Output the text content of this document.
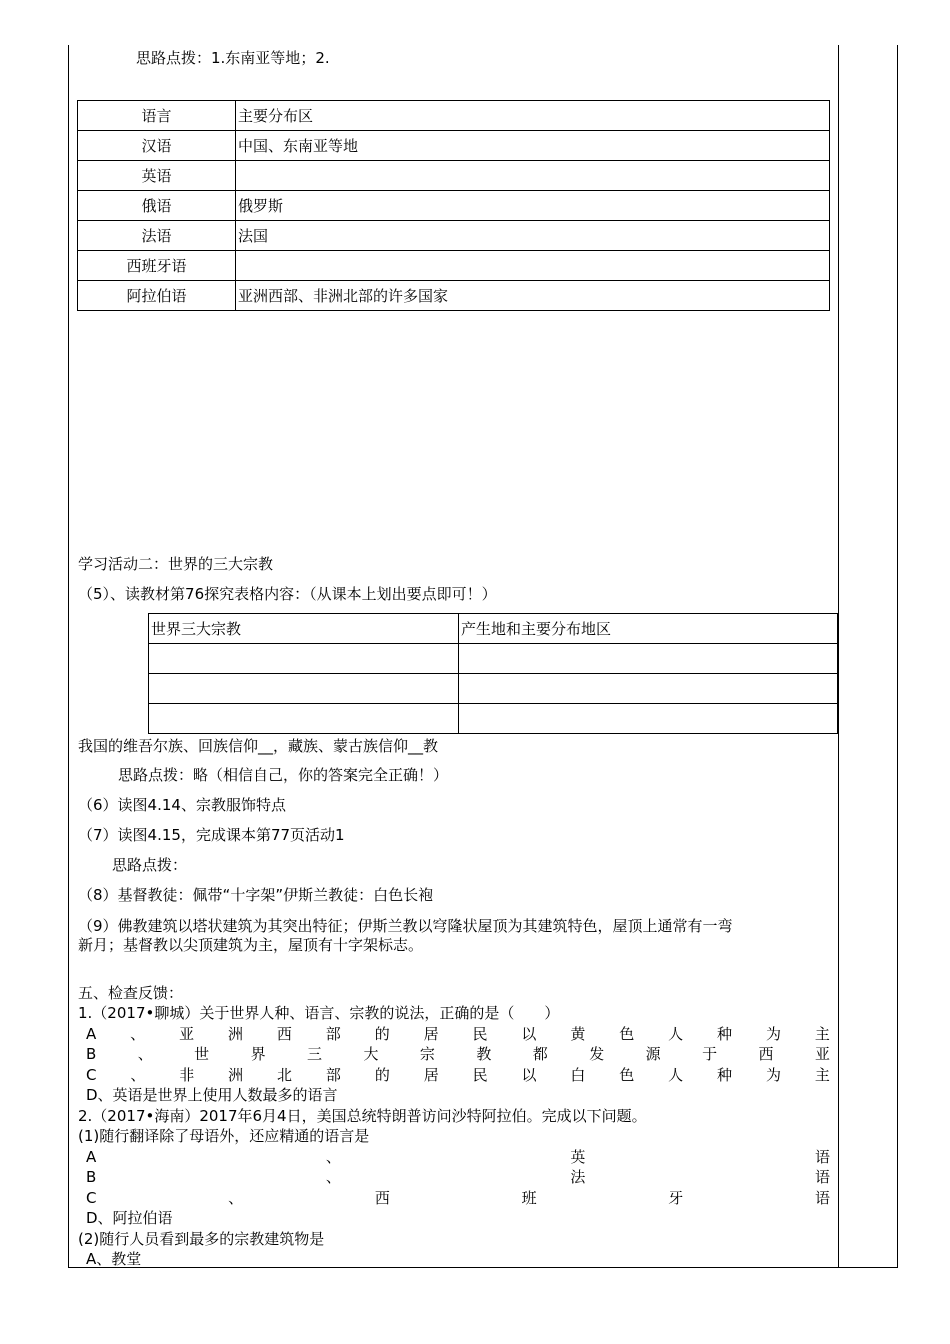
思路点拨：1.东南亚等地；2.
语言	主要分布区
汉语	中国、东南亚等地
英语	
俄语	俄罗斯
法语	法国
西班牙语	
阿拉伯语	亚洲西部、非洲北部的许多国家
学习活动二：世界的三大宗教
（5）、读教材第76探究表格内容：（从课本上划出要点即可！）
世界三大宗教	产生地和主要分布地区

我国的维吾尔族、回族信仰__，藏族、蒙古族信仰__教
思路点拨：略（相信自己，你的答案完全正确！）
（6）读图4.14、宗教服饰特点
（7）读图4.15，完成课本第77页活动1
思路点拨：
（8）基督教徒：佩带“十字架”伊斯兰教徒：白色长袍
（9）佛教建筑以塔状建筑为其突出特征；伊斯兰教以穹隆状屋顶为其建筑特色，屋顶上通常有一弯
新月；基督教以尖顶建筑为主，屋顶有十字架标志。
五、检查反馈：
1.（2017•聊城）关于世界人种、语言、宗教的说法，正确的是（　　）
A 、 亚 洲 西 部 的 居 民 以 黄 色 人 种 为 主
B	、	世	界	三	大	宗	教	都	发	源	于	西	亚
C 、 非 洲 北 部 的 居 民 以 白 色 人 种 为 主
D、英语是世界上使用人数最多的语言
2.（2017•海南）2017年6月4日，美国总统特朗普访问沙特阿拉伯。完成以下问题。
(1)随行翻译除了母语外，还应精通的语言是
A	、	英	语
B	、	法	语
C	、	西	班	牙	语
D、阿拉伯语
(2)随行人员看到最多的宗教建筑物是
A、教堂
